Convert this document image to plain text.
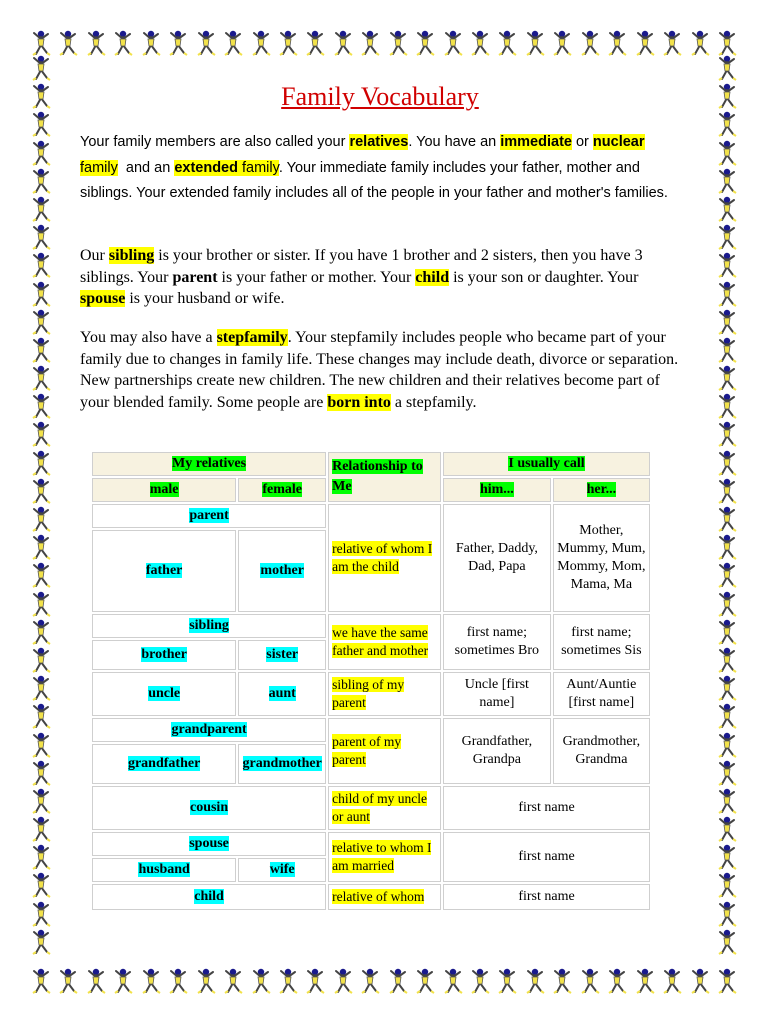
Family Vocabulary

Your family members are also called your relatives. You have an immediate or nuclear family  and an extended family. Your immediate family includes your father, mother and siblings. Your extended family includes all of the people in your father and mother's families.

Our sibling is your brother or sister. If you have 1 brother and 2 sisters, then you have 3 siblings. Your parent is your father or mother. Your child is your son or daughter. Your spouse is your husband or wife.

You may also have a stepfamily. Your stepfamily includes people who became part of your family due to changes in family life. These changes may include death, divorce or separation. New partnerships create new children. The new children and their relatives become part of your blended family. Some people are born into a stepfamily.

My relatives		Relationship to Me	I usually call	
male	female		him...	her...
parent		relative of whom I am the child	Father, Daddy, Dad, Papa	Mother, Mummy, Mum, Mommy, Mom, Mama, Ma
father	mother			
sibling		we have the same father and mother	first name; sometimes Bro	first name; sometimes Sis
brother	sister			
uncle	aunt	sibling of my parent	Uncle [first name]	Aunt/Auntie [first name]
grandparent		parent of my parent	Grandfather, Grandpa	Grandmother, Grandma
grandfather	grandmother			
cousin		child of my uncle or aunt	first name	
spouse		relative to whom I am married	first name	
husband	wife			
child		relative of whom	first name	
